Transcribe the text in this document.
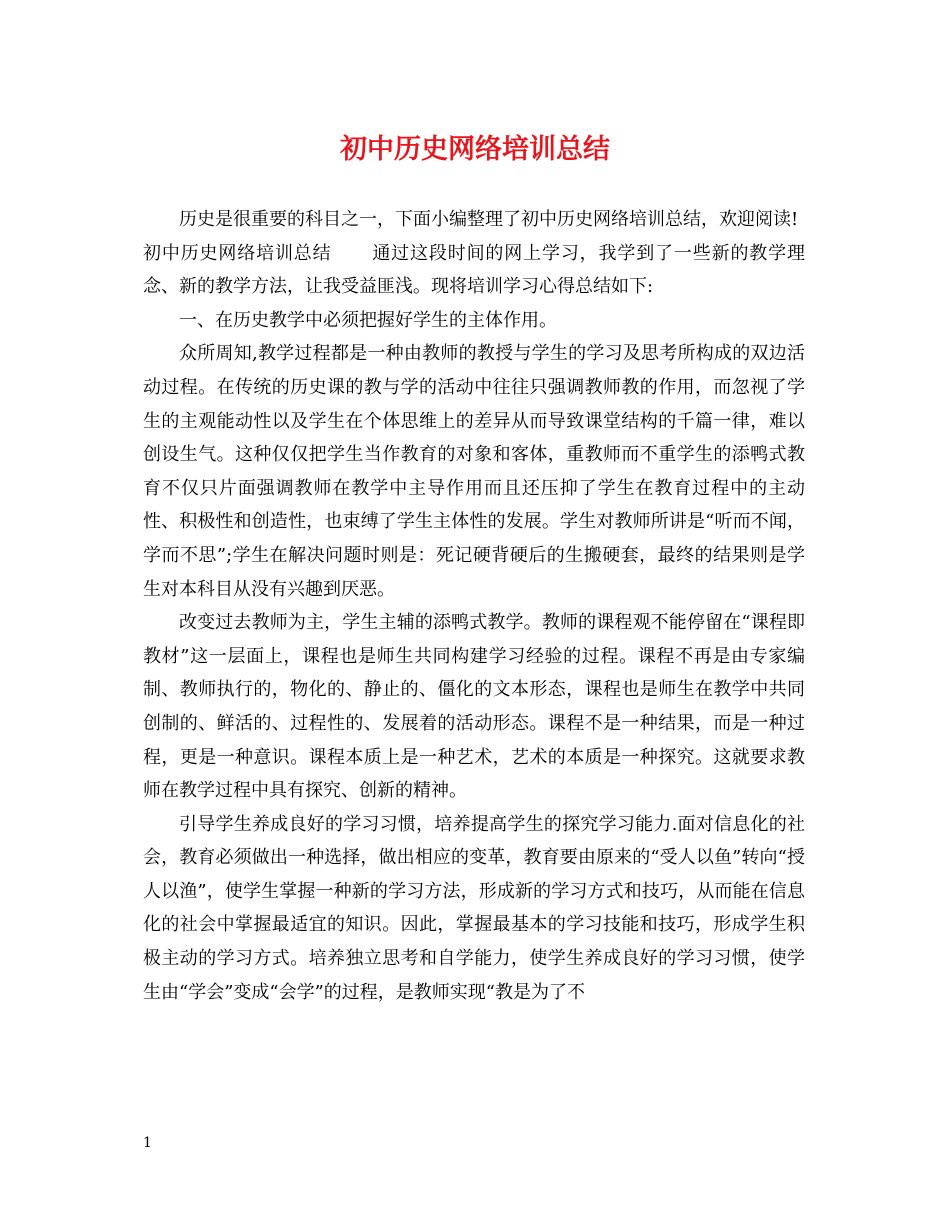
初中历史网络培训总结

历史是很重要的科目之一，下面小编整理了初中历史网络培训总结，欢迎阅读!

初中历史网络培训总结 通过这段时间的网上学习，我学到了一些新的教学理念、新的教学方法，让我受益匪浅。现将培训学习心得总结如下:

一、在历史教学中必须把握好学生的主体作用。

众所周知,教学过程都是一种由教师的教授与学生的学习及思考所构成的双边活动过程。在传统的历史课的教与学的活动中往往只强调教师教的作用，而忽视了学生的主观能动性以及学生在个体思维上的差异从而导致课堂结构的千篇一律，难以创设生气。这种仅仅把学生当作教育的对象和客体，重教师而不重学生的添鸭式教育不仅只片面强调教师在教学中主导作用而且还压抑了学生在教育过程中的主动性、积极性和创造性，也束缚了学生主体性的发展。学生对教师所讲是“听而不闻，学而不思”;学生在解决问题时则是：死记硬背硬后的生搬硬套，最终的结果则是学生对本科目从没有兴趣到厌恶。

改变过去教师为主，学生主辅的添鸭式教学。教师的课程观不能停留在“课程即教材”这一层面上，课程也是师生共同构建学习经验的过程。课程不再是由专家编制、教师执行的，物化的、静止的、僵化的文本形态，课程也是师生在教学中共同创制的、鲜活的、过程性的、发展着的活动形态。课程不是一种结果，而是一种过程，更是一种意识。课程本质上是一种艺术，艺术的本质是一种探究。这就要求教师在教学过程中具有探究、创新的精神。

引导学生养成良好的学习习惯，培养提高学生的探究学习能力.面对信息化的社会，教育必须做出一种选择，做出相应的变革，教育要由原来的“受人以鱼”转向“授人以渔”，使学生掌握一种新的学习方法，形成新的学习方式和技巧，从而能在信息化的社会中掌握最适宜的知识。因此，掌握最基本的学习技能和技巧，形成学生积极主动的学习方式。培养独立思考和自学能力，使学生养成良好的学习习惯，使学生由“学会”变成“会学”的过程，是教师实现“教是为了不

1
